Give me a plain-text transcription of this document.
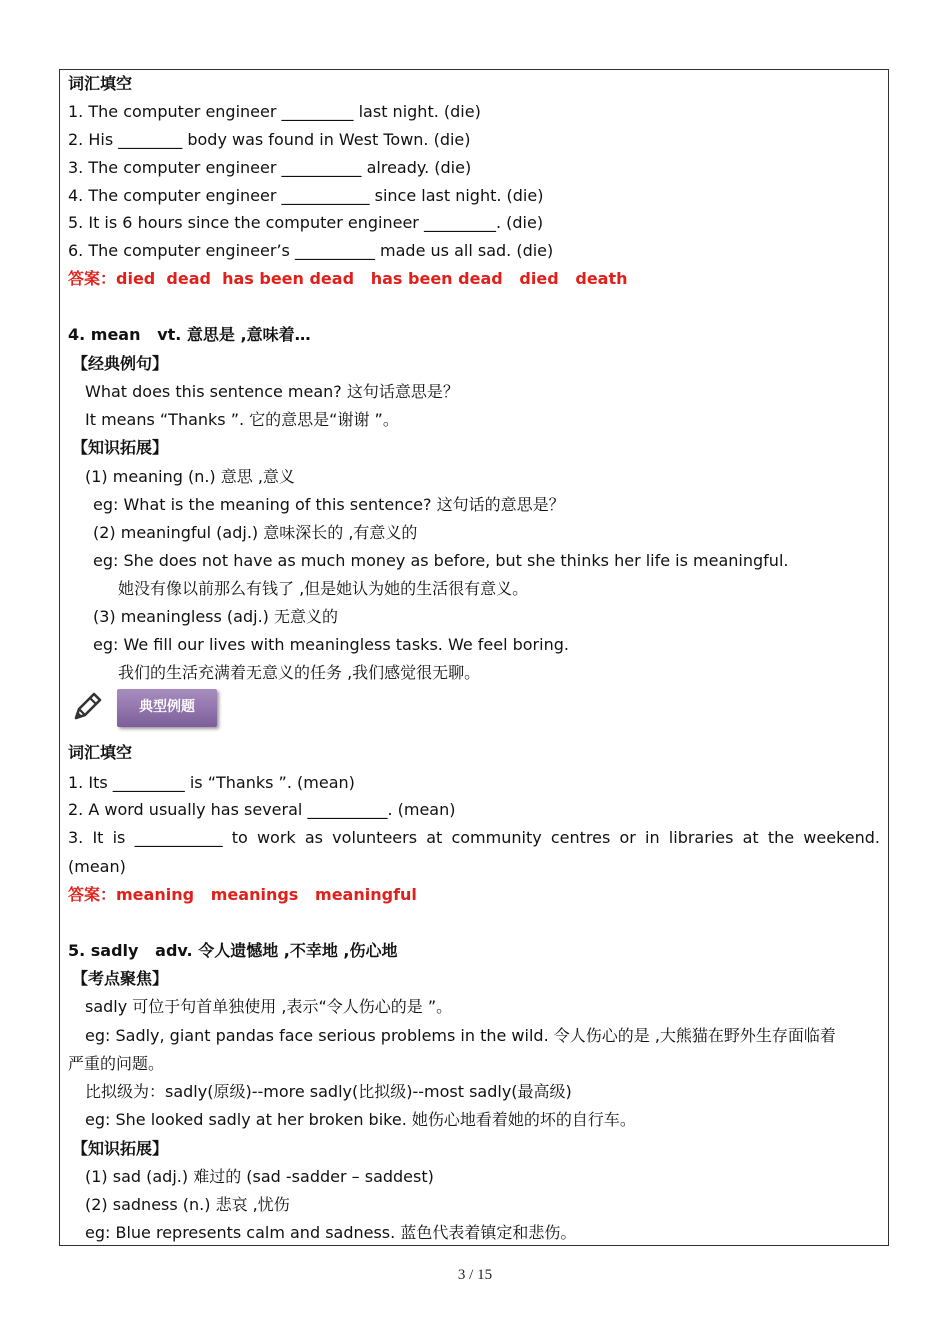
词汇填空
1. The computer engineer _________ last night. (die)
2. His ________ body was found in West Town. (die)
3. The computer engineer __________ already. (die)
4. The computer engineer ___________ since last night. (die)
5. It is 6 hours since the computer engineer _________. (die)
6. The computer engineer’s __________ made us all sad. (die)
答案：died  dead  has been dead   has been dead   died   death
4. mean   vt. 意思是 ,意味着…
【经典例句】
What does this sentence mean? 这句话意思是？
It means “Thanks ”. 它的意思是“谢谢 ”。
【知识拓展】
(1) meaning (n.) 意思 ,意义
eg: What is the meaning of this sentence? 这句话的意思是？
(2) meaningful (adj.) 意味深长的 ,有意义的
eg: She does not have as much money as before, but she thinks her life is meaningful.
她没有像以前那么有钱了 ,但是她认为她的生活很有意义。
(3) meaningless (adj.) 无意义的
eg: We fill our lives with meaningless tasks. We feel boring.
我们的生活充满着无意义的任务 ,我们感觉很无聊。
典型例题
词汇填空
1. Its _________ is “Thanks ”. (mean)
2. A word usually has several __________. (mean)
3. It is ___________ to work as volunteers at community centres or in libraries at the weekend.
(mean)
答案：meaning   meanings   meaningful
5. sadly   adv. 令人遗憾地 ,不幸地 ,伤心地
【考点聚焦】
sadly 可位于句首单独使用 ,表示“令人伤心的是 ”。
eg: Sadly, giant pandas face serious problems in the wild. 令人伤心的是 ,大熊猫在野外生存面临着
严重的问题。
比拟级为：sadly(原级)--more sadly(比拟级)--most sadly(最高级)
eg: She looked sadly at her broken bike. 她伤心地看着她的坏的自行车。
【知识拓展】
(1) sad (adj.) 难过的 (sad -sadder – saddest)
(2) sadness (n.) 悲哀 ,忧伤
eg: Blue represents calm and sadness. 蓝色代表着镇定和悲伤。
3 / 15
